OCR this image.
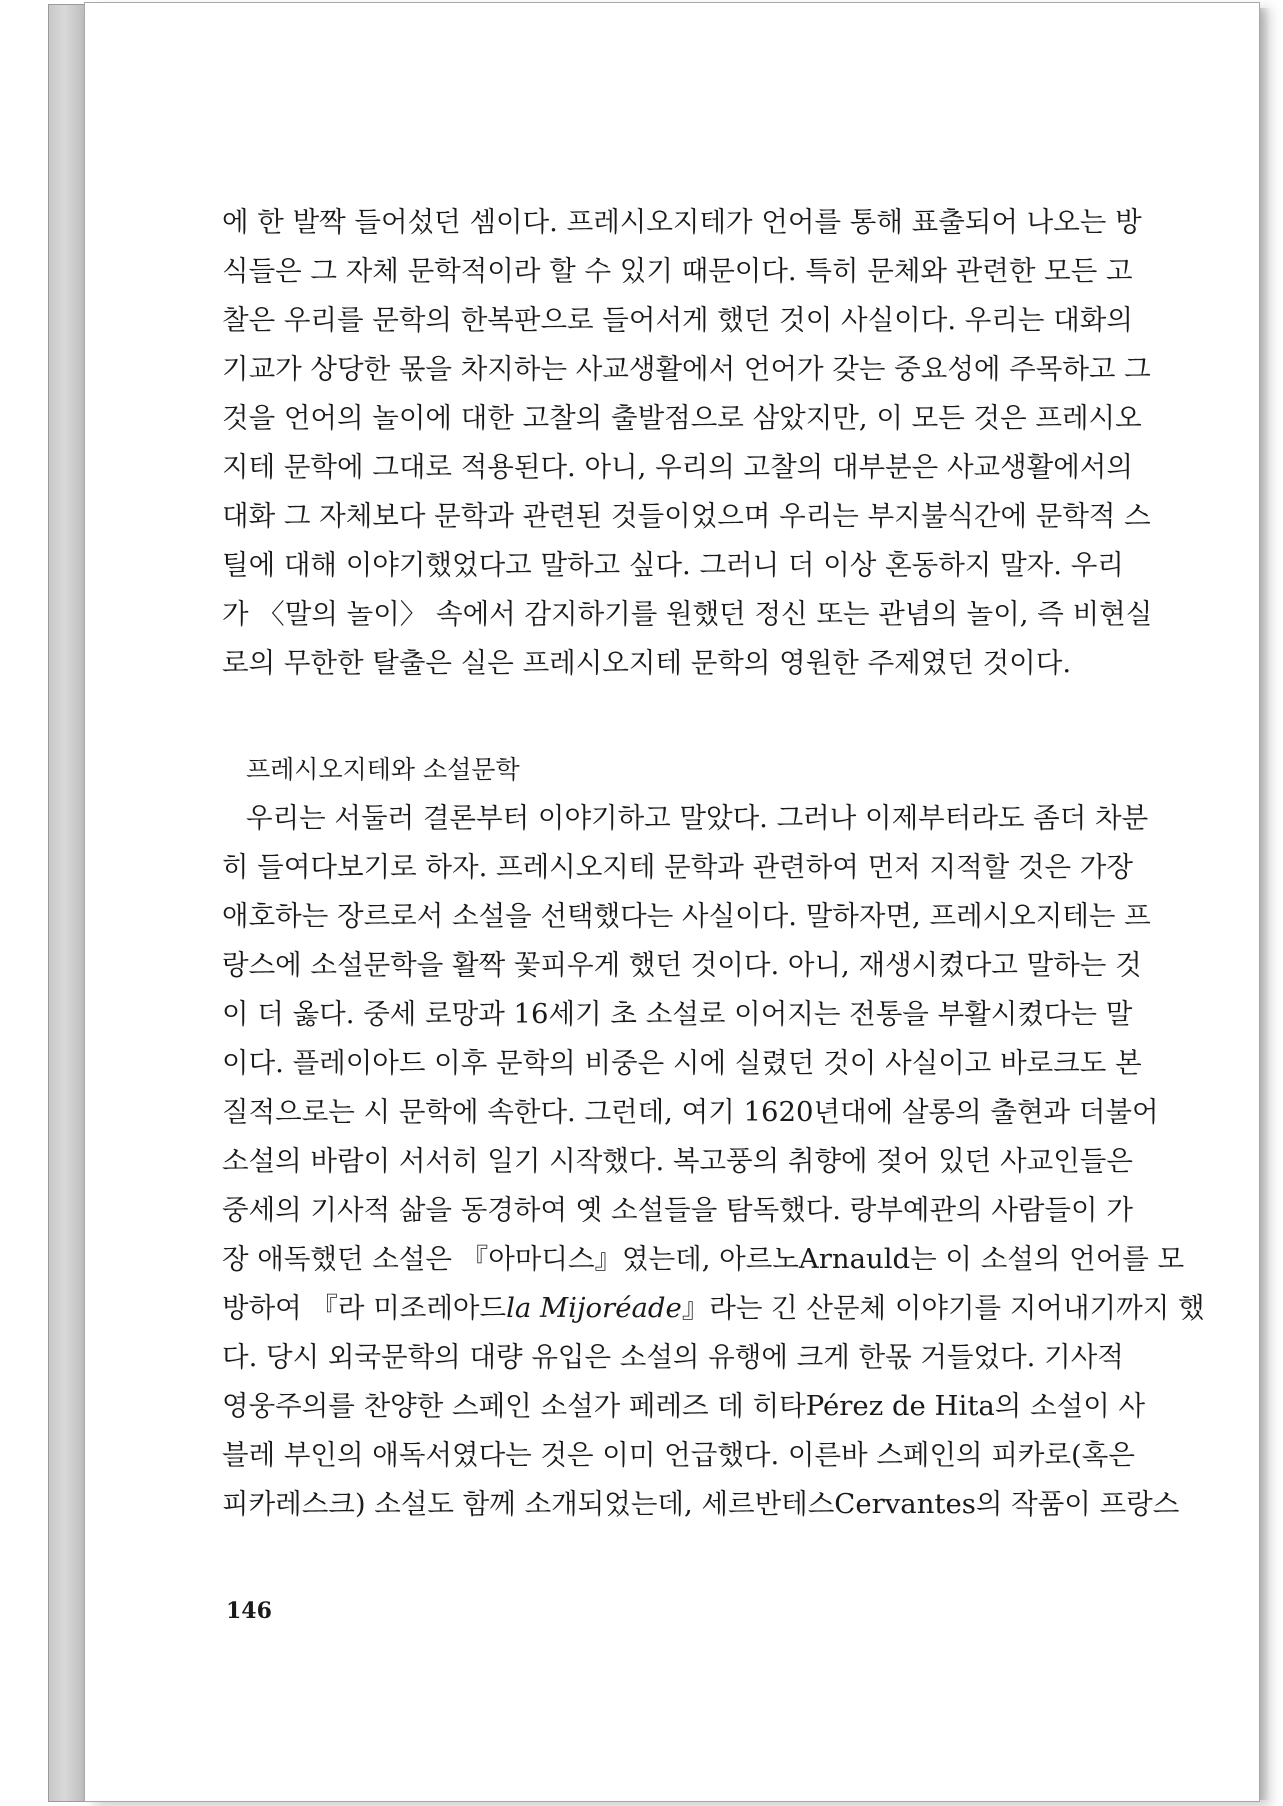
에 한 발짝 들어섰던 셈이다. 프레시오지테가 언어를 통해 표출되어 나오는 방
식들은 그 자체 문학적이라 할 수 있기 때문이다. 특히 문체와 관련한 모든 고
찰은 우리를 문학의 한복판으로 들어서게 했던 것이 사실이다. 우리는 대화의
기교가 상당한 몫을 차지하는 사교생활에서 언어가 갖는 중요성에 주목하고 그
것을 언어의 놀이에 대한 고찰의 출발점으로 삼았지만, 이 모든 것은 프레시오
지테 문학에 그대로 적용된다. 아니, 우리의 고찰의 대부분은 사교생활에서의
대화 그 자체보다 문학과 관련된 것들이었으며 우리는 부지불식간에 문학적 스
틸에 대해 이야기했었다고 말하고 싶다. 그러니 더 이상 혼동하지 말자. 우리
가 〈말의 놀이〉 속에서 감지하기를 원했던 정신 또는 관념의 놀이, 즉 비현실
로의 무한한 탈출은 실은 프레시오지테 문학의 영원한 주제였던 것이다.
프레시오지테와 소설문학
우리는 서둘러 결론부터 이야기하고 말았다. 그러나 이제부터라도 좀더 차분
히 들여다보기로 하자. 프레시오지테 문학과 관련하여 먼저 지적할 것은 가장
애호하는 장르로서 소설을 선택했다는 사실이다. 말하자면, 프레시오지테는 프
랑스에 소설문학을 활짝 꽃피우게 했던 것이다. 아니, 재생시켰다고 말하는 것
이 더 옳다. 중세 로망과 16세기 초 소설로 이어지는 전통을 부활시켰다는 말
이다. 플레이아드 이후 문학의 비중은 시에 실렸던 것이 사실이고 바로크도 본
질적으로는 시 문학에 속한다. 그런데, 여기 1620년대에 살롱의 출현과 더불어
소설의 바람이 서서히 일기 시작했다. 복고풍의 취향에 젖어 있던 사교인들은
중세의 기사적 삶을 동경하여 옛 소설들을 탐독했다. 랑부예관의 사람들이 가
장 애독했던 소설은 『아마디스』였는데, 아르노Arnauld는 이 소설의 언어를 모
방하여 『라 미조레아드la Mijoréade』라는 긴 산문체 이야기를 지어내기까지 했
다. 당시 외국문학의 대량 유입은 소설의 유행에 크게 한몫 거들었다. 기사적
영웅주의를 찬양한 스페인 소설가 페레즈 데 히타Pérez de Hita의 소설이 사
블레 부인의 애독서였다는 것은 이미 언급했다. 이른바 스페인의 피카로(혹은
피카레스크) 소설도 함께 소개되었는데, 세르반테스Cervantes의 작품이 프랑스
146
